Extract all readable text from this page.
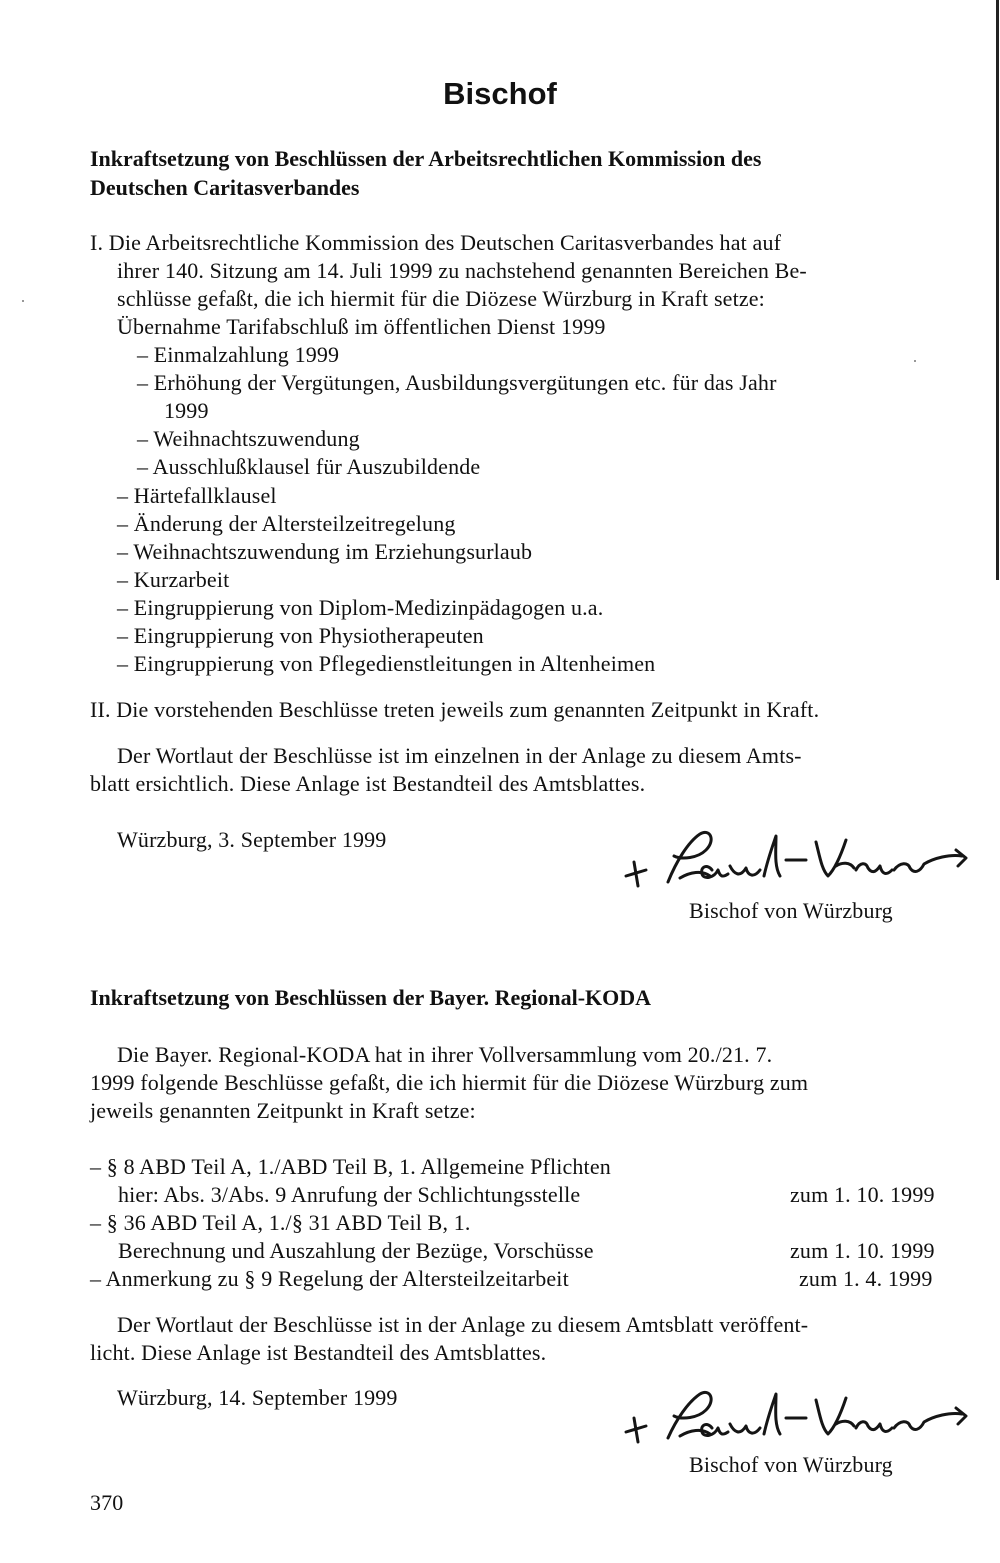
Bischof

Inkraftsetzung von Beschlüssen der Arbeitsrechtlichen Kommission des

Deutschen Caritasverbandes

I. Die Arbeitsrechtliche Kommission des Deutschen Caritasverbandes hat auf

ihrer 140. Sitzung am 14. Juli 1999 zu nachstehend genannten Bereichen Be-

schlüsse gefaßt, die ich hiermit für die Diözese Würzburg in Kraft setze:

Übernahme Tarifabschluß im öffentlichen Dienst 1999

– Einmalzahlung 1999

– Erhöhung der Vergütungen, Ausbildungsvergütungen etc. für das Jahr

1999

– Weihnachtszuwendung

– Ausschlußklausel für Auszubildende

– Härtefallklausel

– Änderung der Altersteilzeitregelung

– Weihnachtszuwendung im Erziehungsurlaub

– Kurzarbeit

– Eingruppierung von Diplom-Medizinpädagogen u.a.

– Eingruppierung von Physiotherapeuten

– Eingruppierung von Pflegedienstleitungen in Altenheimen

II. Die vorstehenden Beschlüsse treten jeweils zum genannten Zeitpunkt in Kraft.

Der Wortlaut der Beschlüsse ist im einzelnen in der Anlage zu diesem Amts-

blatt ersichtlich. Diese Anlage ist Bestandteil des Amtsblattes.

Würzburg, 3. September 1999

Bischof von Würzburg

Inkraftsetzung von Beschlüssen der Bayer. Regional-KODA

Die Bayer. Regional-KODA hat in ihrer Vollversammlung vom 20./21. 7.

1999 folgende Beschlüsse gefaßt, die ich hiermit für die Diözese Würzburg zum

jeweils genannten Zeitpunkt in Kraft setze:

– § 8 ABD Teil A, 1./ABD Teil B, 1. Allgemeine Pflichten

hier: Abs. 3/Abs. 9 Anrufung der Schlichtungsstelle	zum 1. 10. 1999

– § 36 ABD Teil A, 1./§ 31 ABD Teil B, 1.

Berechnung und Auszahlung der Bezüge, Vorschüsse	zum 1. 10. 1999

– Anmerkung zu § 9 Regelung der Altersteilzeitarbeit	zum 1. 4. 1999

Der Wortlaut der Beschlüsse ist in der Anlage zu diesem Amtsblatt veröffent-

licht. Diese Anlage ist Bestandteil des Amtsblattes.

Würzburg, 14. September 1999

Bischof von Würzburg

370
